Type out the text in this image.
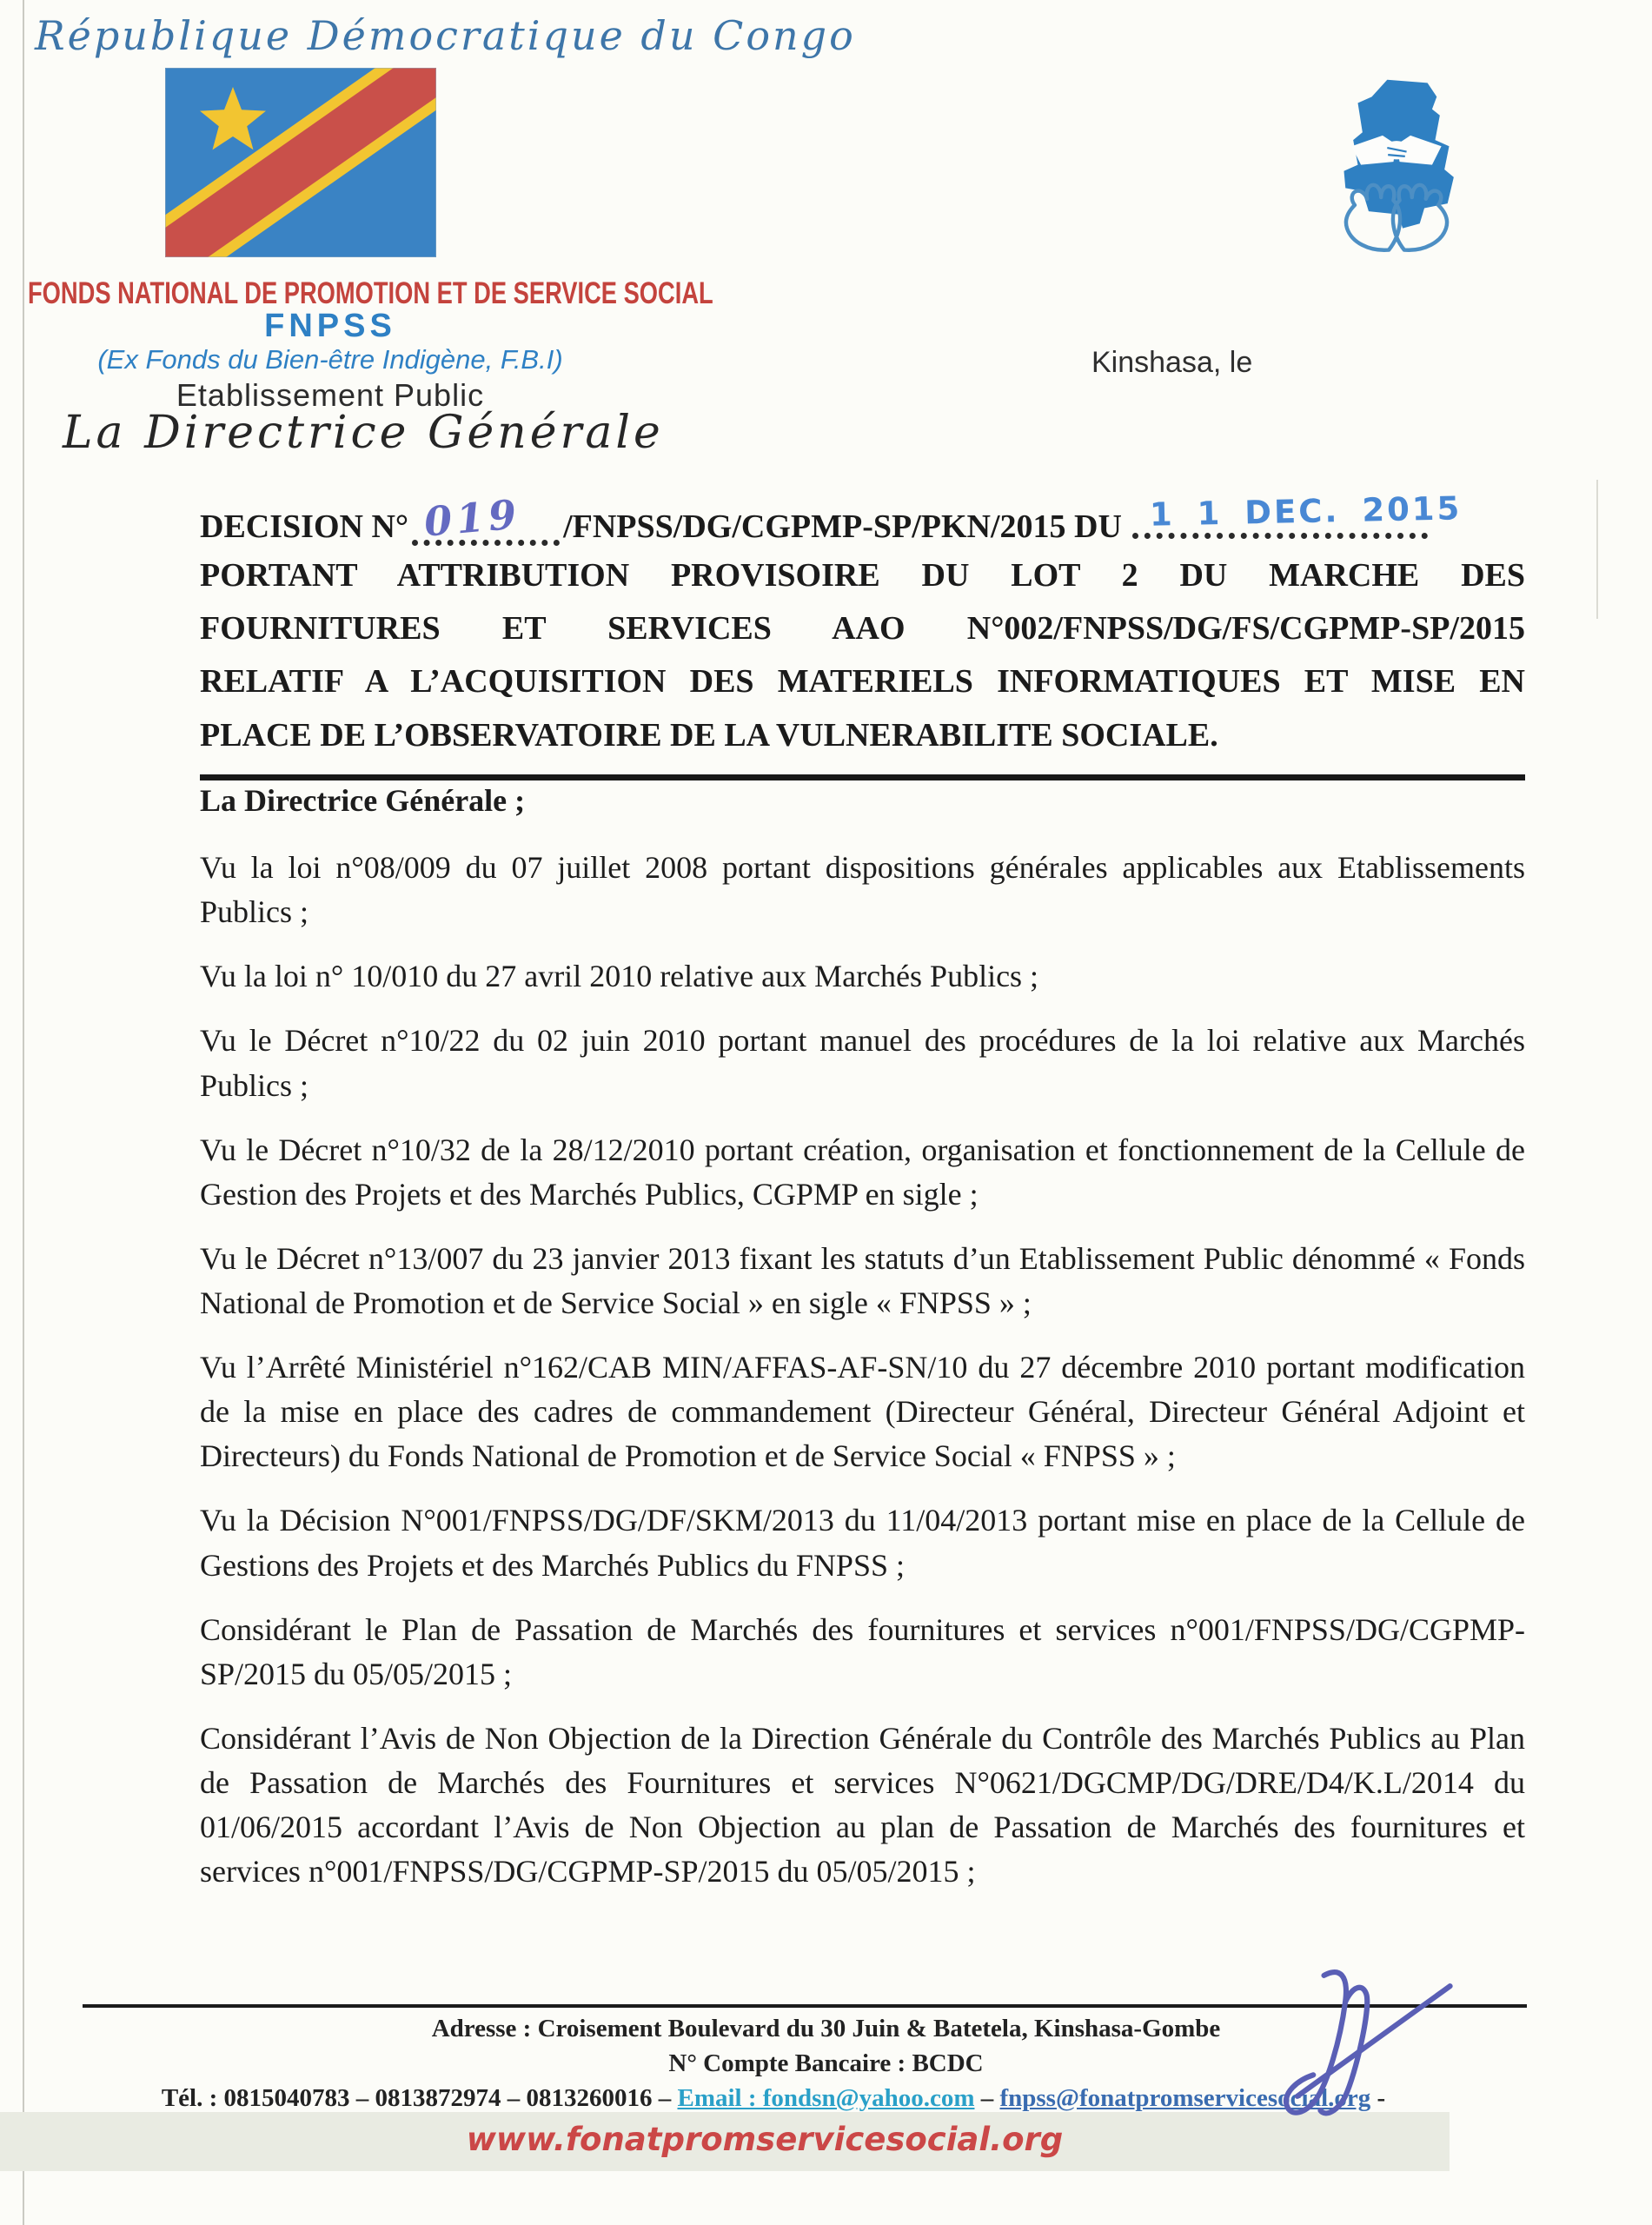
République Démocratique du Congo
FONDS NATIONAL DE PROMOTION ET DE SERVICE SOCIAL
FNPSS
(Ex Fonds du Bien-être Indigène, F.B.I)
Etablissement Public
La Directrice Générale
Kinshasa, le
DECISION N° 019 /FNPSS/DG/CGPMP-SP/PKN/2015 DU 1 1 DEC. 2015
PORTANT ATTRIBUTION PROVISOIRE DU LOT 2 DU MARCHE DES
FOURNITURES ET SERVICES AAO N°002/FNPSS/DG/FS/CGPMP-SP/2015
RELATIF A L’ACQUISITION DES MATERIELS INFORMATIQUES ET MISE EN
PLACE DE L’OBSERVATOIRE DE LA VULNERABILITE SOCIALE.

La Directrice Générale ;

Vu la loi n°08/009 du 07 juillet 2008 portant dispositions générales applicables aux Etablissements Publics ;

Vu la loi n° 10/010 du 27 avril 2010 relative aux Marchés Publics ;

Vu le Décret n°10/22 du 02 juin 2010 portant manuel des procédures de la loi relative aux Marchés Publics ;

Vu le Décret n°10/32 de la 28/12/2010 portant création, organisation et fonctionnement de la Cellule de Gestion des Projets et des Marchés Publics, CGPMP en sigle ;

Vu le Décret n°13/007 du 23 janvier 2013 fixant les statuts d’un Etablissement Public dénommé « Fonds National de Promotion et de Service Social » en sigle « FNPSS » ;

Vu l’Arrêté Ministériel n°162/CAB MIN/AFFAS-AF-SN/10 du 27 décembre 2010 portant modification de la mise en place des cadres de commandement (Directeur Général, Directeur Général Adjoint et Directeurs) du Fonds National de Promotion et de Service Social « FNPSS » ;

Vu la Décision N°001/FNPSS/DG/DF/SKM/2013 du 11/04/2013 portant mise en place de la Cellule de Gestions des Projets et des Marchés Publics du FNPSS ;

Considérant le Plan de Passation de Marchés des fournitures et services n°001/FNPSS/DG/CGPMP-SP/2015 du 05/05/2015 ;

Considérant l’Avis de Non Objection de la Direction Générale du Contrôle des Marchés Publics au Plan de Passation de Marchés des Fournitures et services N°0621/DGCMP/DG/DRE/D4/K.L/2014 du 01/06/2015 accordant l’Avis de Non Objection au plan de Passation de Marchés des fournitures et services n°001/FNPSS/DG/CGPMP-SP/2015 du 05/05/2015 ;

Adresse : Croisement Boulevard du 30 Juin & Batetela, Kinshasa-Gombe
N° Compte Bancaire : BCDC
Tél. : 0815040783 – 0813872974 – 0813260016 – Email : fondsn@yahoo.com – fnpss@fonatpromservicesocial.org -
www.fonatpromservicesocial.org
